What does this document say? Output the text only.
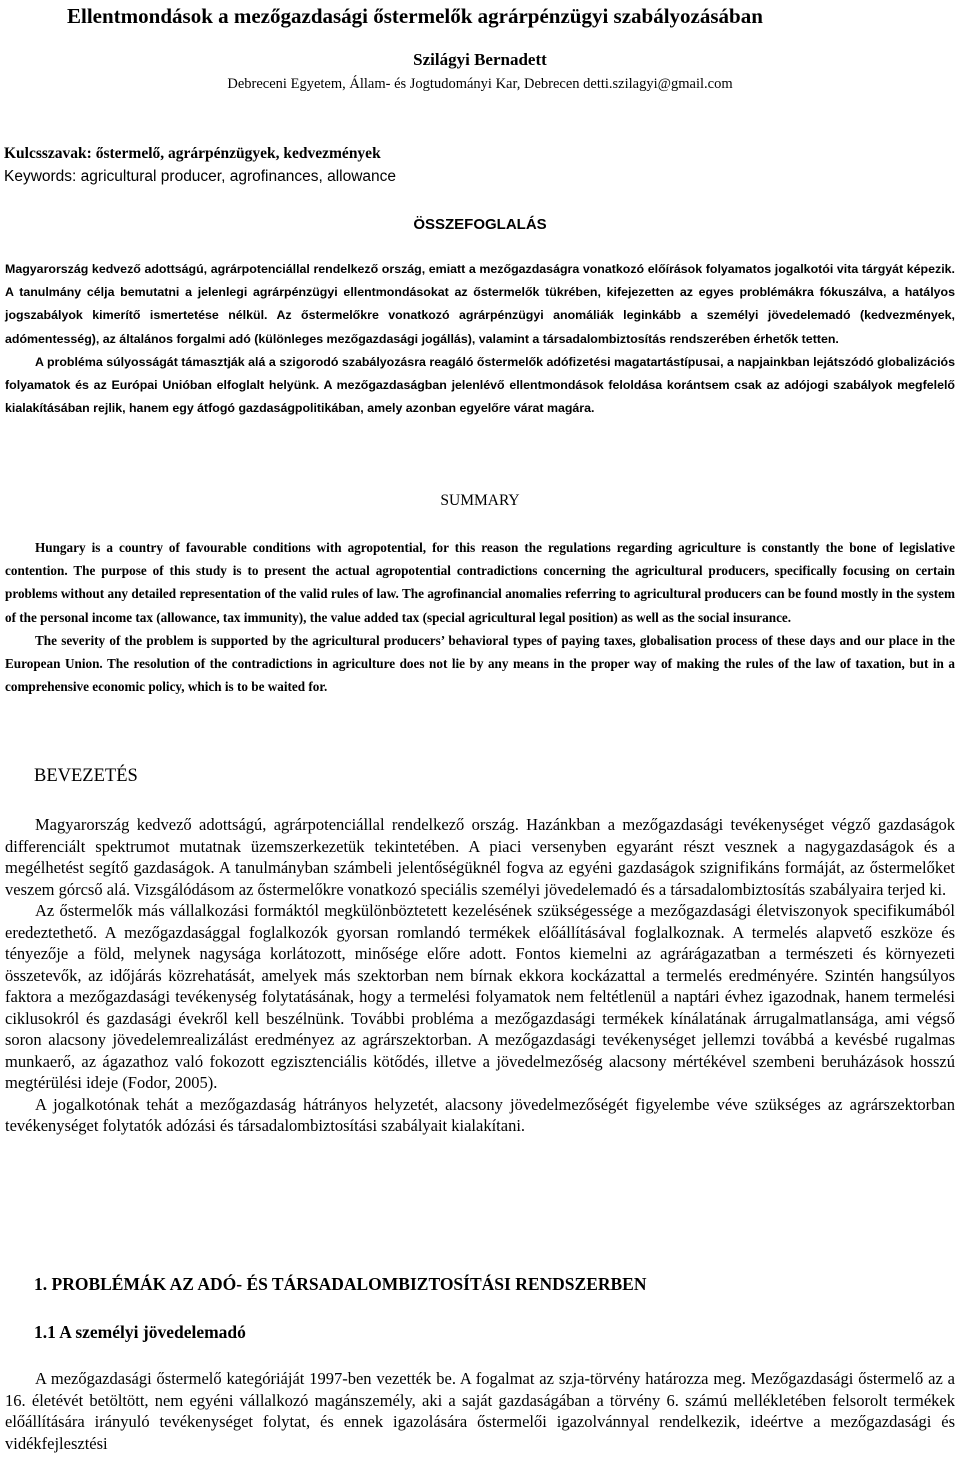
Ellentmondások a mezőgazdasági őstermelők agrárpénzügyi szabályozásában
Szilágyi Bernadett
Debreceni Egyetem, Állam- és Jogtudományi Kar, Debrecen detti.szilagyi@gmail.com
Kulcsszavak: őstermelő, agrárpénzügyek, kedvezmények
Keywords: agricultural producer, agrofinances, allowance
ÖSSZEFOGLALÁS

Magyarország kedvező adottságú, agrárpotenciállal rendelkező ország, emiatt a mezőgazdaságra vonatkozó előírások folyamatos jogalkotói vita tárgyát képezik. A tanulmány célja bemutatni a jelenlegi agrárpénzügyi ellentmondásokat az őstermelők tükrében, kifejezetten az egyes problémákra fókuszálva, a hatályos jogszabályok kimerítő ismertetése nélkül. Az őstermelőkre vonatkozó agrárpénzügyi anomáliák leginkább a személyi jövedelemadó (kedvezmények, adómentesség), az általános forgalmi adó (különleges mezőgazdasági jogállás), valamint a társadalombiztosítás rendszerében érhetők tetten.

A probléma súlyosságát támasztják alá a szigorodó szabályozásra reagáló őstermelők adófizetési magatartástípusai, a napjainkban lejátszódó globalizációs folyamatok és az Európai Unióban elfoglalt helyünk. A mezőgazdaságban jelenlévő ellentmondások feloldása korántsem csak az adójogi szabályok megfelelő kialakításában rejlik, hanem egy átfogó gazdaságpolitikában, amely azonban egyelőre várat magára.

SUMMARY

Hungary is a country of favourable conditions with agropotential, for this reason the regulations regarding agriculture is constantly the bone of legislative contention. The purpose of this study is to present the actual agropotential contradictions concerning the agricultural producers, specifically focusing on certain problems without any detailed representation of the valid rules of law. The agrofinancial anomalies referring to agricultural producers can be found mostly in the system of the personal income tax (allowance, tax immunity), the value added tax (special agricultural legal position) as well as the social insurance.

The severity of the problem is supported by the agricultural producers’ behavioral types of paying taxes, globalisation process of these days and our place in the European Union. The resolution of the contradictions in agriculture does not lie by any means in the proper way of making the rules of the law of taxation, but in a comprehensive economic policy, which is to be waited for.

BEVEZETÉS

Magyarország kedvező adottságú, agrárpotenciállal rendelkező ország. Hazánkban a mezőgazdasági tevékenységet végző gazdaságok differenciált spektrumot mutatnak üzemszerkezetük tekintetében. A piaci versenyben egyaránt részt vesznek a nagygazdaságok és a megélhetést segítő gazdaságok. A tanulmányban számbeli jelentőségüknél fogva az egyéni gazdaságok szignifikáns formáját, az őstermelőket veszem górcső alá. Vizsgálódásom az őstermelőkre vonatkozó speciális személyi jövedelemadó és a társadalombiztosítás szabályaira terjed ki.

Az őstermelők más vállalkozási formáktól megkülönböztetett kezelésének szükségessége a mezőgazdasági életviszonyok specifikumából eredeztethető. A mezőgazdasággal foglalkozók gyorsan romlandó termékek előállításával foglalkoznak. A termelés alapvető eszköze és tényezője a föld, melynek nagysága korlátozott, minősége előre adott. Fontos kiemelni az agrárágazatban a természeti és környezeti összetevők, az időjárás közrehatását, amelyek más szektorban nem bírnak ekkora kockázattal a termelés eredményére. Szintén hangsúlyos faktora a mezőgazdasági tevékenység folytatásának, hogy a termelési folyamatok nem feltétlenül a naptári évhez igazodnak, hanem termelési ciklusokról és gazdasági évekről kell beszélnünk. További probléma a mezőgazdasági termékek kínálatának árrugalmatlansága, ami végső soron alacsony jövedelemrealizálást eredményez az agrárszektorban. A mezőgazdasági tevékenységet jellemzi továbbá a kevésbé rugalmas munkaerő, az ágazathoz való fokozott egzisztenciális kötődés, illetve a jövedelmezőség alacsony mértékével szembeni beruházások hosszú megtérülési ideje (Fodor, 2005).

A jogalkotónak tehát a mezőgazdaság hátrányos helyzetét, alacsony jövedelmezőségét figyelembe véve szükséges az agrárszektorban tevékenységet folytatók adózási és társadalombiztosítási szabályait kialakítani.

1. PROBLÉMÁK AZ ADÓ- ÉS TÁRSADALOMBIZTOSÍTÁSI RENDSZERBEN
1.1 A személyi jövedelemadó

A mezőgazdasági őstermelő kategóriáját 1997-ben vezették be. A fogalmat az szja-törvény határozza meg. Mezőgazdasági őstermelő az a 16. életévét betöltött, nem egyéni vállalkozó magánszemély, aki a saját gazdaságában a törvény 6. számú mellékletében felsorolt termékek előállítására irányuló tevékenységet folytat, és ennek igazolására őstermelői igazolvánnyal rendelkezik, ideértve a mezőgazdasági és vidékfejlesztési
